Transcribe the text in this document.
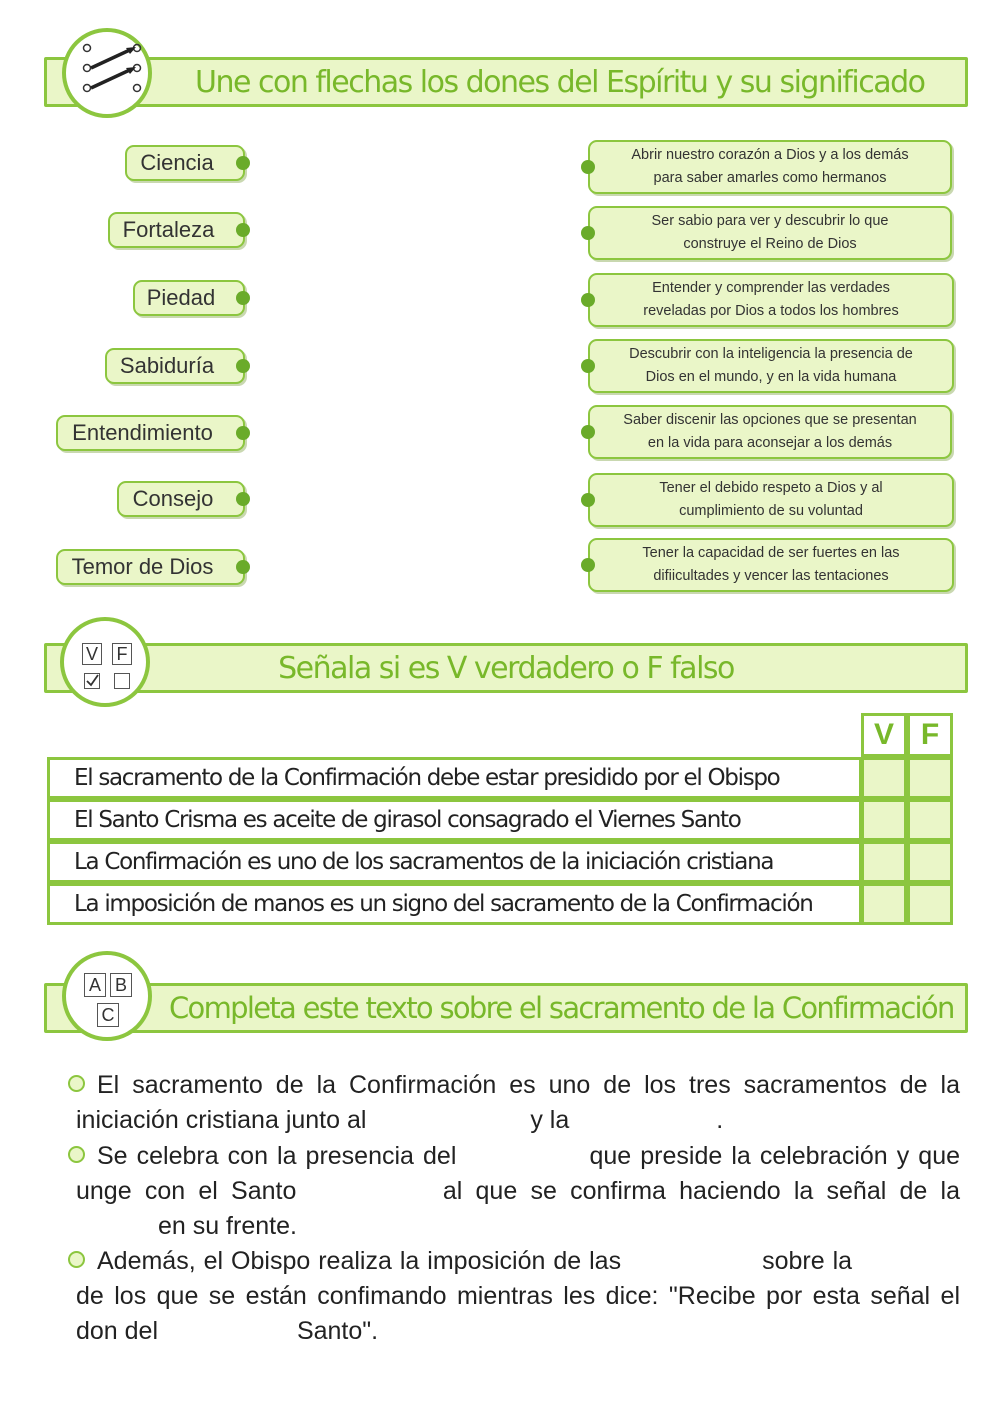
Une con flechas los dones del Espíritu y su significado
Ciencia
Fortaleza
Piedad
Sabiduría
Entendimiento
Consejo
Temor de Dios
Abrir nuestro corazón a Dios y a los demás
para saber amarles como hermanos
Ser sabio para ver y descubrir lo que
construye el Reino de Dios
Entender y comprender las verdades
reveladas por Dios a todos los hombres
Descubrir con la inteligencia la presencia de
Dios en el mundo, y en la vida humana
Saber discenir las opciones que se presentan
en la vida para aconsejar a los demás
Tener el debido respeto a Dios y al
cumplimiento de su voluntad
Tener la capacidad de ser fuertes en las
difiicultades y vencer las tentaciones
Señala si es V verdadero o F falso
V F
V F
El sacramento de la Confirmación debe estar presidido por el Obispo
El Santo Crisma es aceite de girasol consagrado el Viernes Santo
La Confirmación es uno de los sacramentos de la iniciación cristiana
La imposición de manos es un signo del sacramento de la Confirmación
Completa este texto sobre el sacramento de la Confirmación
A B
C
El sacramento de la Confirmación es uno de los tres sacramentos de la iniciación cristiana junto al	y la	.
Se celebra con la presencia del	que preside la celebración y que unge con el Santo	al que se confirma haciendo la señal de la  en su frente.
Además, el Obispo realiza la imposición de las	sobre la  de los que se están confimando mientras les dice: "Recibe por esta señal el don del	Santo".
